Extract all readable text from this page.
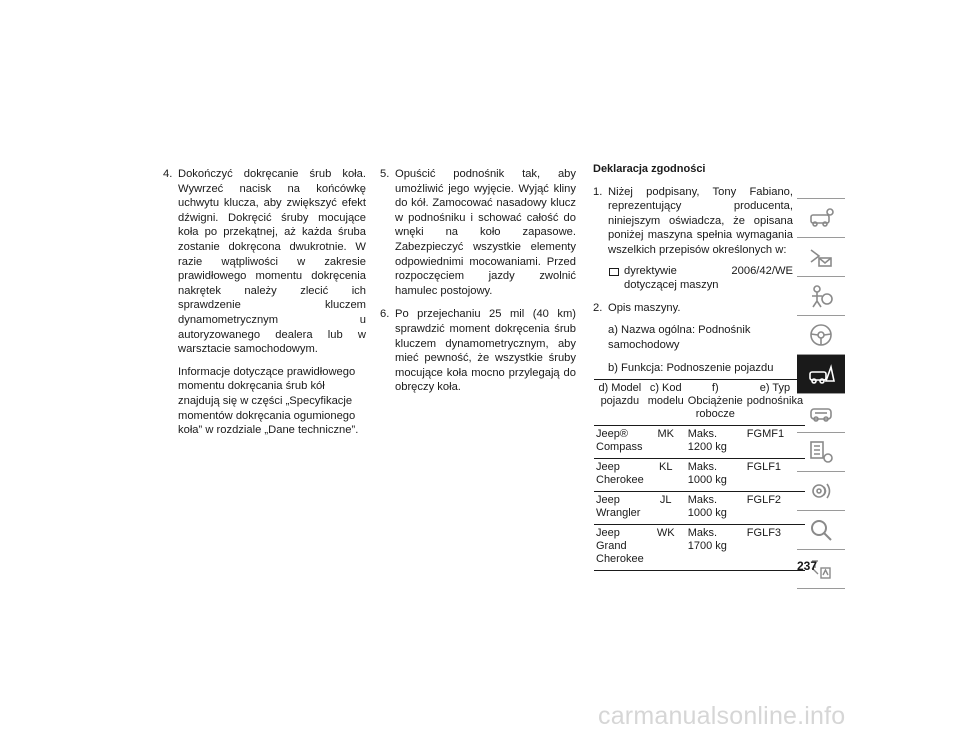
4. Dokończyć dokręcanie śrub koła. Wywrzeć nacisk na końcówkę uchwytu klucza, aby zwiększyć efekt dźwigni. Dokręcić śruby mocujące koła po przekątnej, aż każda śruba zostanie dokręcona dwukrotnie. W razie wątpliwości w zakresie prawidłowego momentu dokręcenia nakrętek należy zlecić ich sprawdzenie kluczem dynamometrycznym u autoryzowanego dealera lub w warsztacie samochodowym.
Informacje dotyczące prawidłowego momentu dokręcania śrub kół znajdują się w części „Specyfikacje momentów dokręcania ogumionego koła” w rozdziale „Dane techniczne”.
5. Opuścić podnośnik tak, aby umożliwić jego wyjęcie. Wyjąć kliny do kół. Zamocować nasadowy klucz w podnośniku i schować całość do wnęki na koło zapasowe. Zabezpieczyć wszystkie elementy odpowiednimi mocowaniami. Przed rozpoczęciem jazdy zwolnić hamulec postojowy.
6. Po przejechaniu 25 mil (40 km) sprawdzić moment dokręcenia śrub kluczem dynamometrycznym, aby mieć pewność, że wszystkie śruby mocujące koła mocno przylegają do obręczy koła.
Deklaracja zgodności
1. Niżej podpisany, Tony Fabiano, reprezentujący producenta, niniejszym oświadcza, że opisana poniżej maszyna spełnia wymagania wszelkich przepisów określonych w:
dyrektywie 2006/42/WE dotyczącej maszyn
2. Opis maszyny.
a) Nazwa ogólna: Podnośnik samochodowy
b) Funkcja: Podnoszenie pojazdu
d) Model pojazdu	c) Kod modelu	f) Obciążenie robocze	e) Typ podnośnika
Jeep® Compass	MK	Maks. 1200 kg	FGMF1
Jeep Cherokee	KL	Maks. 1000 kg	FGLF1
Jeep Wrangler	JL	Maks. 1000 kg	FGLF2
Jeep Grand Cherokee	WK	Maks. 1700 kg	FGLF3
237
carmanualsonline.info
